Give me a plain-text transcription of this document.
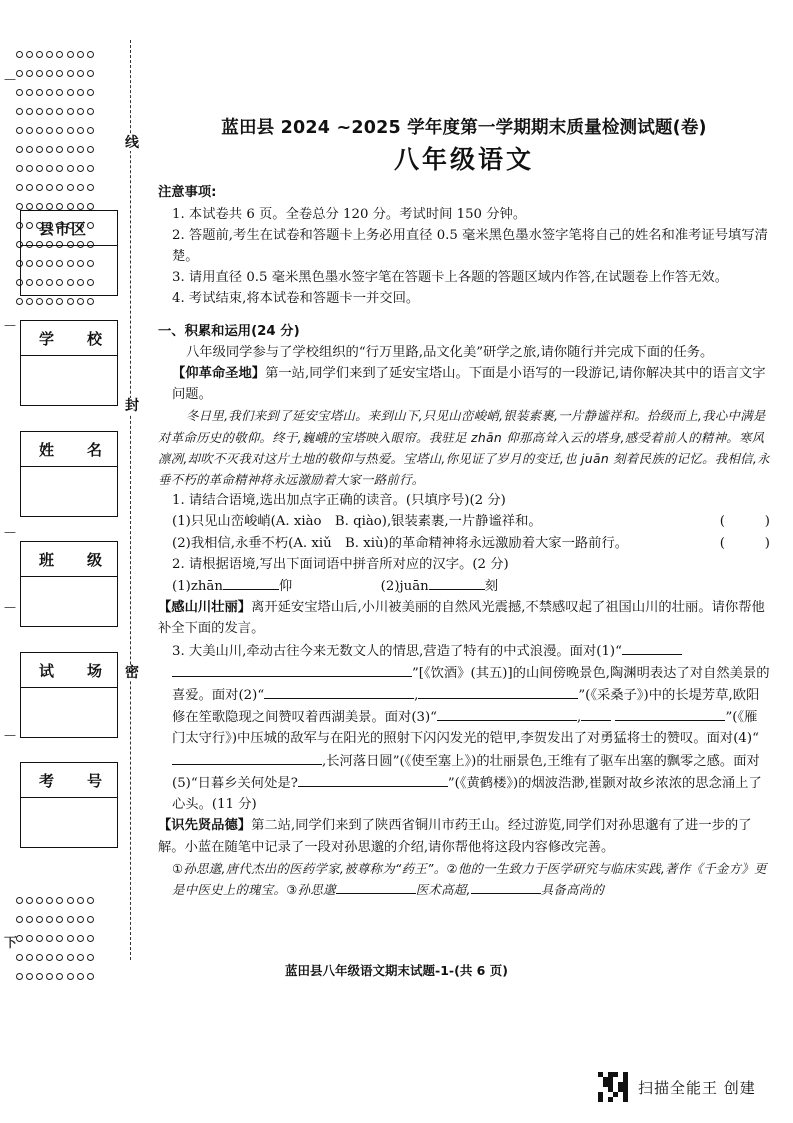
线
封
密
—
—
—
—
—
下
县市区
学 校
姓 名
班 级
试 场
考 号
蓝田县 2024 ~2025 学年度第一学期期末质量检测试题(卷)
八年级语文

注意事项:

1. 本试卷共 6 页。全卷总分 120 分。考试时间 150 分钟。

2. 答题前,考生在试卷和答题卡上务必用直径 0.5 毫米黑色墨水签字笔将自己的姓名和准考证号填写清楚。

3. 请用直径 0.5 毫米黑色墨水签字笔在答题卡上各题的答题区域内作答,在试题卷上作答无效。

4. 考试结束,将本试卷和答题卡一并交回。

一、积累和运用(24 分)

八年级同学参与了学校组织的“行万里路,品文化美”研学之旅,请你随行并完成下面的任务。

【仰革命圣地】第一站,同学们来到了延安宝塔山。下面是小语写的一段游记,请你解决其中的语言文字问题。

冬日里,我们来到了延安宝塔山。来到山下,只见山峦峻峭,银装素裹,一片静谧祥和。拾级而上,我心中满是对革命历史的敬仰。终于,巍峨的宝塔映入眼帘。我驻足 zhān 仰那高耸入云的塔身,感受着前人的精神。寒风凛冽,却吹不灭我对这片土地的敬仰与热爱。宝塔山,你见证了岁月的变迁,也 juān 刻着民族的记忆。我相信,永垂不朽的革命精神将永远激励着大家一路前行。

1. 请结合语境,选出加点字正确的读音。(只填序号)(2 分)

(1)只见山峦峻峭(A. xiào　B. qiào),银装素裹,一片静谧祥和。	(　　　)
(2)我相信,永垂不朽(A. xiǔ　B. xiù)的革命精神将永远激励着大家一路前行。	(　　　)

2. 请根据语境,写出下面词语中拼音所对应的汉字。(2 分)

(1)zhān	仰	(2)juān	刻

【感山川壮丽】离开延安宝塔山后,小川被美丽的自然风光震撼,不禁感叹起了祖国山川的壮丽。请你帮他补全下面的发言。

3. 大美山川,牵动古往今来无数文人的情思,营造了特有的中式浪漫。面对(1)“ ”[《饮酒》(其五)]的山间傍晚景色,陶渊明表达了对自然美景的喜爱。面对(2)“	,	”(《采桑子》)中的长堤芳草,欧阳修在笙歌隐现之间赞叹着西湖美景。面对(3)“	,	”(《雁门太守行》)中压城的敌军与在阳光的照射下闪闪发光的铠甲,李贺发出了对勇猛将士的赞叹。面对(4)“,长河落日圆”(《使至塞上》)的壮丽景色,王维有了驱车出塞的飘零之感。面对(5)“日暮乡关何处是?	”(《黄鹤楼》)的烟波浩渺,崔颢对故乡浓浓的思念涌上了心头。(11 分)

【识先贤品德】第二站,同学们来到了陕西省铜川市药王山。经过游览,同学们对孙思邈有了进一步的了解。小蓝在随笔中记录了一段对孙思邈的介绍,请你帮他将这段内容修改完善。

①孙思邈,唐代杰出的医药学家,被尊称为“药王”。②他的一生致力于医学研究与临床实践,著作《千金方》更是中医史上的瑰宝。③孙思邈	医术高超,	具备高尚的

蓝田县八年级语文期末试题-1-(共 6 页)
扫描全能王 创建
